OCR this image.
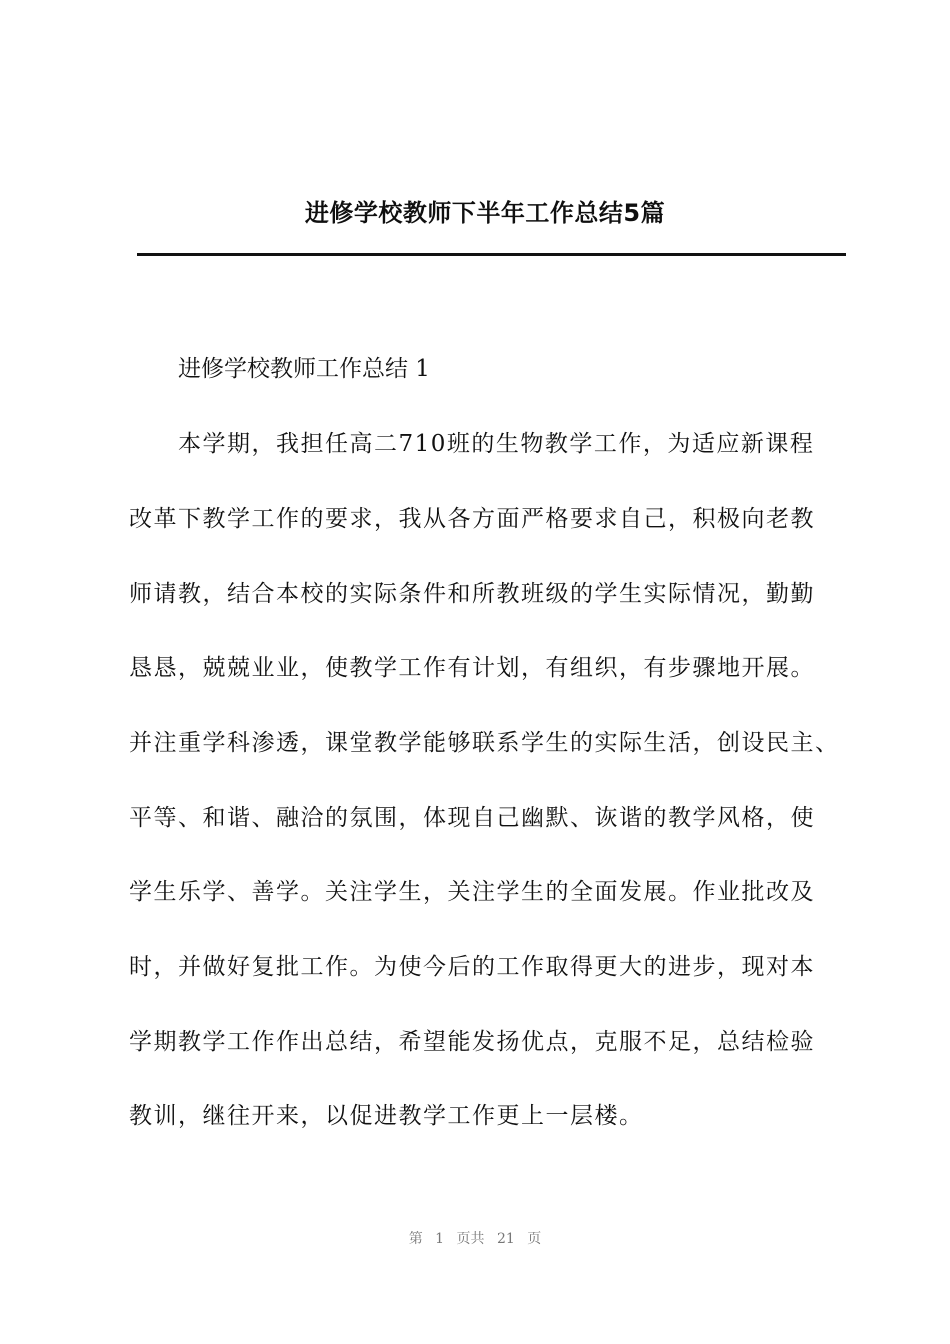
进修学校教师下半年工作总结5篇
进修学校教师工作总结 1
本学期，我担任高二710班的生物教学工作，为适应新课程
改革下教学工作的要求，我从各方面严格要求自己，积极向老教
师请教，结合本校的实际条件和所教班级的学生实际情况，勤勤
恳恳，兢兢业业，使教学工作有计划，有组织，有步骤地开展。
并注重学科渗透，课堂教学能够联系学生的实际生活，创设民主、
平等、和谐、融洽的氛围，体现自己幽默、诙谐的教学风格，使
学生乐学、善学。关注学生，关注学生的全面发展。作业批改及
时，并做好复批工作。为使今后的工作取得更大的进步，现对本
学期教学工作作出总结，希望能发扬优点，克服不足，总结检验
教训，继往开来，以促进教学工作更上一层楼。
第 1 页共 21 页
